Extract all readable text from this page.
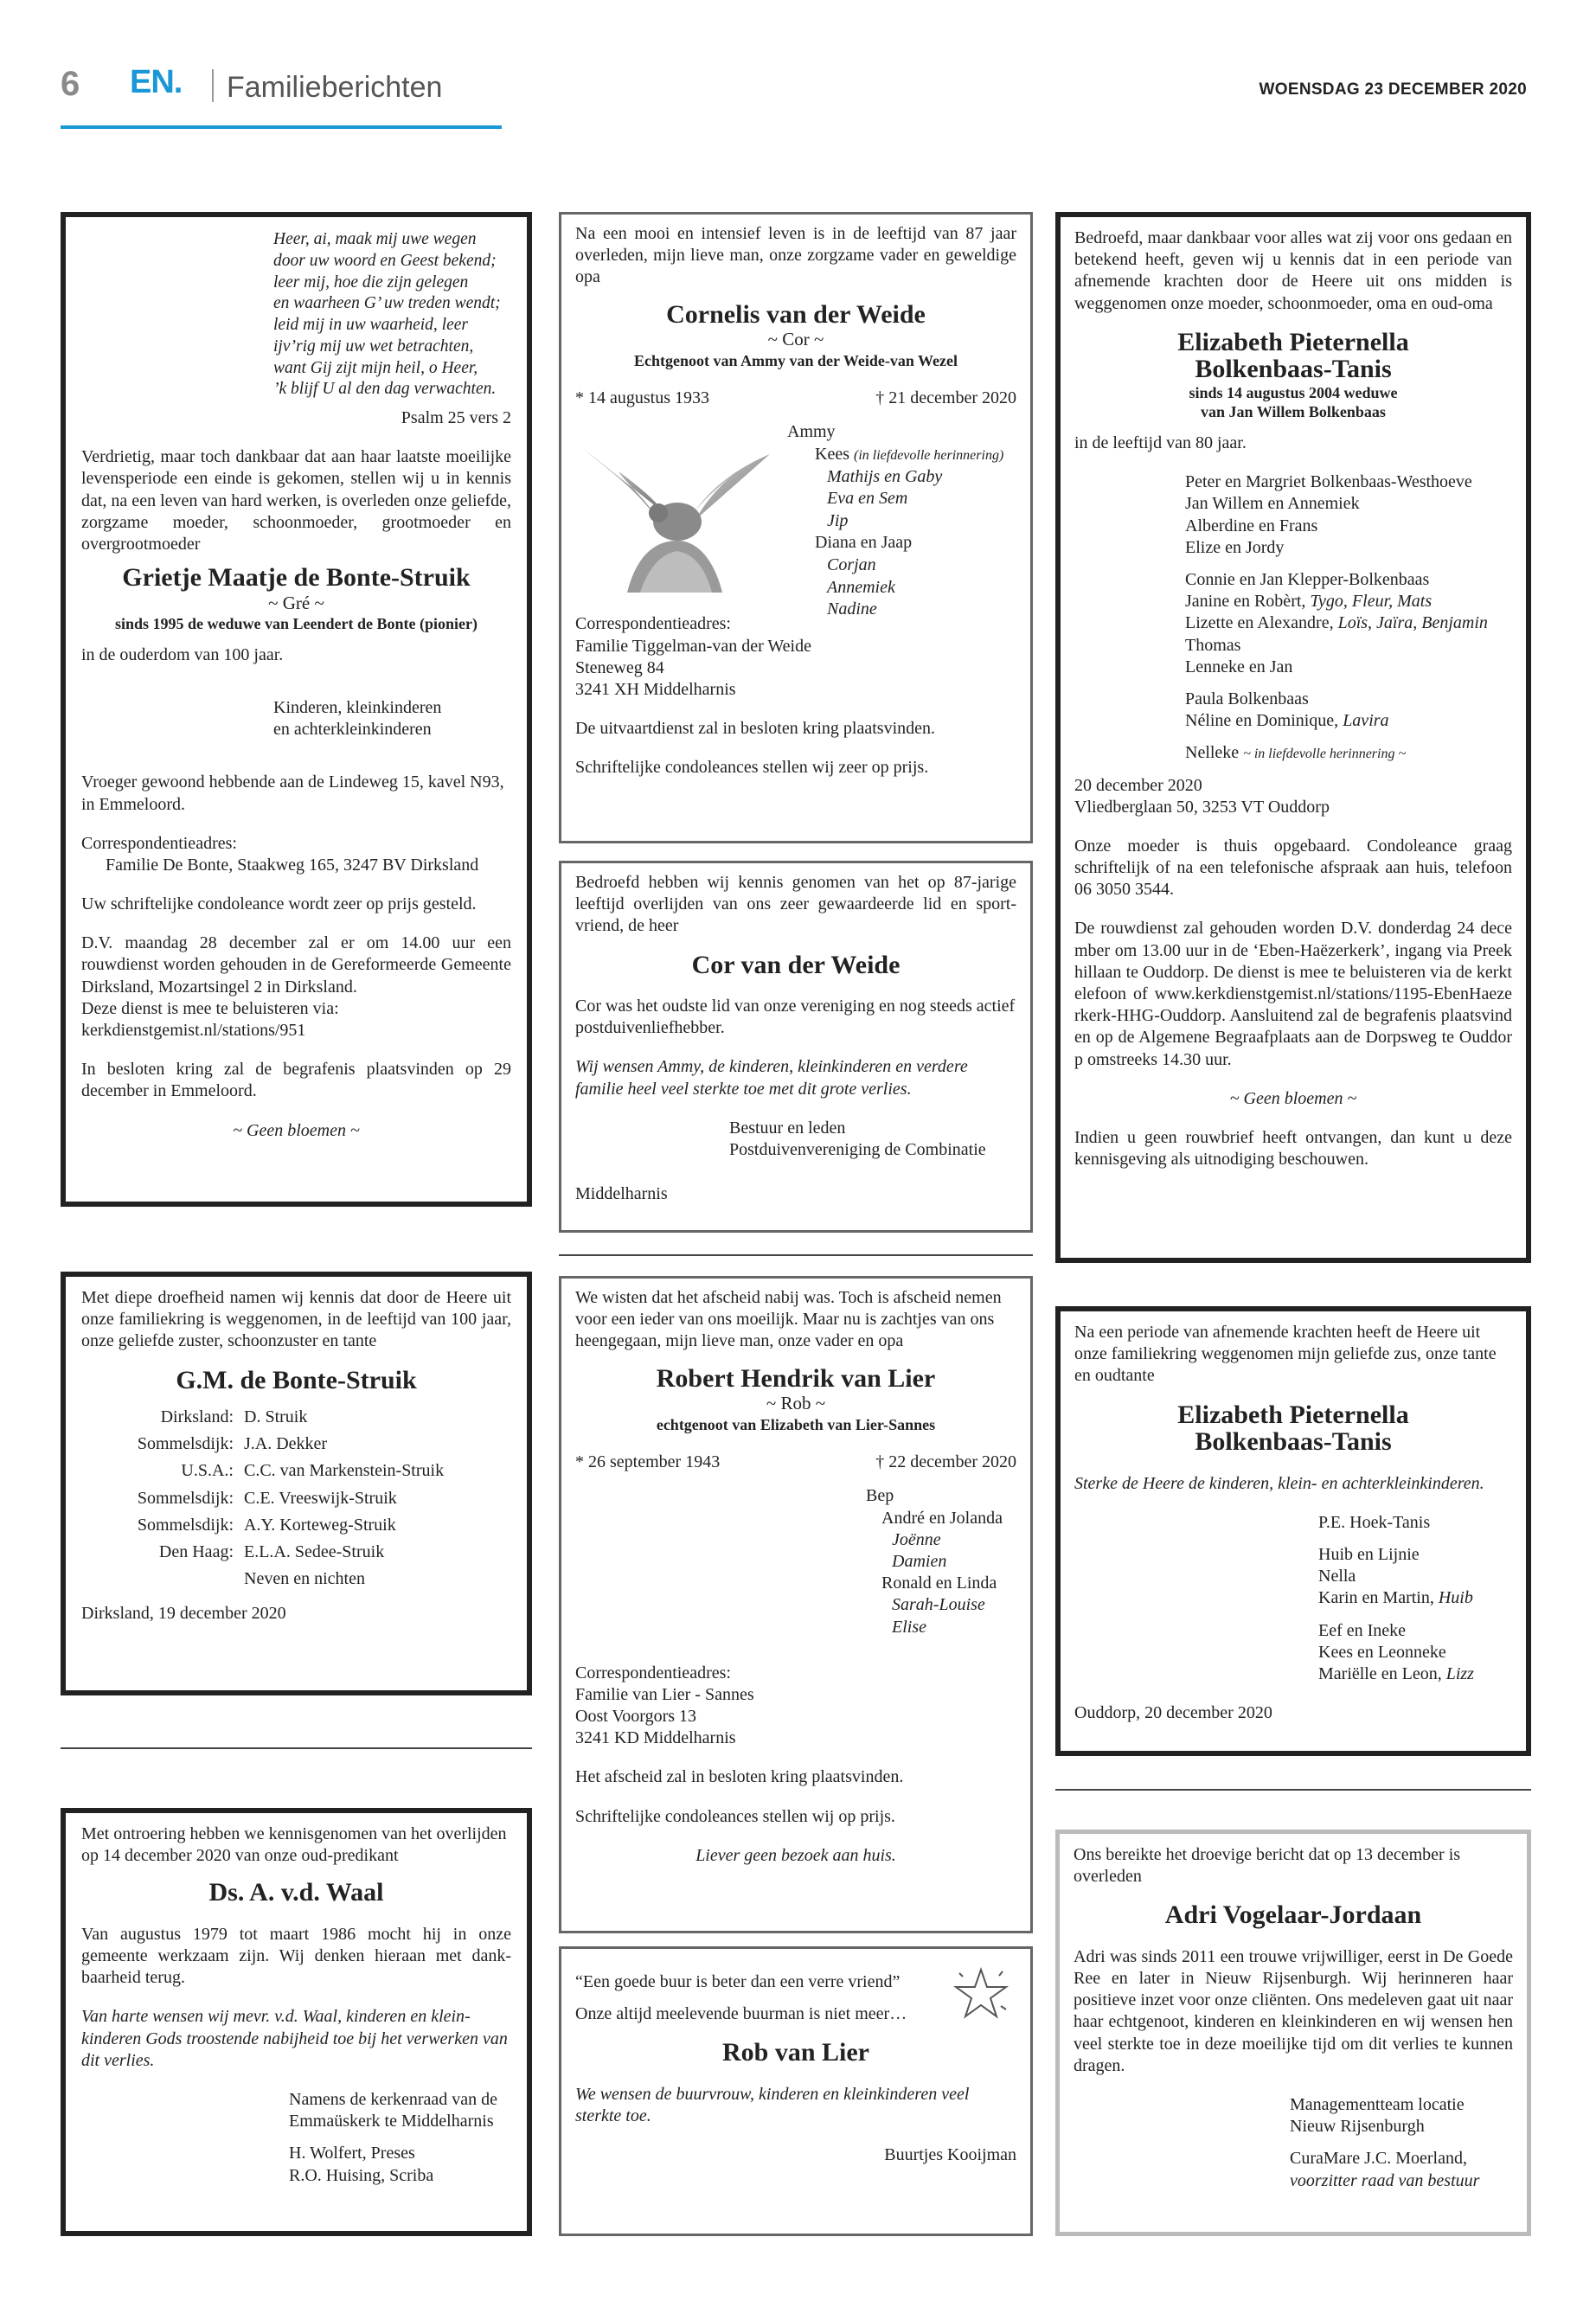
6 EN. Familieberichten	WOENSDAG 23 DECEMBER 2020

Heer, ai, maak mij uwe wegen

door uw woord en Geest bekend;

leer mij, hoe die zijn gelegen

en waarheen G’ uw treden wendt;

leid mij in uw waarheid, leer

ijv’rig mij uw wet betrachten,

want Gij zijt mijn heil, o Heer,

’k blijf U al den dag verwachten.

Psalm 25 vers 2

Verdrietig, maar toch dankbaar dat aan haar laatste moeilijke levensperiode een einde is gekomen, stellen wij u in kennis dat, na een leven van hard werken, is overleden onze geliefde, zorgzame moeder, schoonmoeder, grootmoeder en overgrootmoeder

Grietje Maatje de Bonte-Struik

~ Gré ~

sinds 1995 de weduwe van Leendert de Bonte (pionier)

in de ouderdom van 100 jaar.

Kinderen, kleinkinderen

en achterkleinkinderen

Vroeger gewoond hebbende aan de Lindeweg 15, kavel N93, in Emmeloord.

Correspondentieadres:

Familie De Bonte, Staakweg 165, 3247 BV Dirksland

Uw schriftelijke condoleance wordt zeer op prijs gesteld.

D.V. maandag 28 december zal er om 14.00 uur een rouwdienst worden gehouden in de Gereformeerde Gemeente Dirksland, Mozartsingel 2 in Dirksland.

Deze dienst is mee te beluisteren via:

kerkdienstgemist.nl/stations/951

In besloten kring zal de begrafenis plaatsvinden op 29 december in Emmeloord.

~ Geen bloemen ~

Na een mooi en intensief leven is in de leeftijd van 87 jaar overleden, mijn lieve man, onze zorgzame vader en geweldige opa

Cornelis van der Weide

~ Cor ~

Echtgenoot van Ammy van der Weide-van Wezel

* 14 augustus 1933	† 21 december 2020

Ammy

Kees (in liefdevolle herinnering)

Mathijs en Gaby

Eva en Sem

Jip

Diana en Jaap

Corjan

Annemiek

Nadine

Correspondentieadres:

Familie Tiggelman-van der Weide

Steneweg 84

3241 XH Middelharnis

De uitvaartdienst zal in besloten kring plaatsvinden.

Schriftelijke condoleances stellen wij zeer op prijs.

Bedroefd, maar dankbaar voor alles wat zij voor ons gedaan en betekend heeft, geven wij u kennis dat in een periode van afnemende krachten door de Heere uit ons midden is weggenomen onze moeder, schoonmoeder, oma en oud-oma

Elizabeth Pieternella

Bolkenbaas-Tanis

sinds 14 augustus 2004 weduwe

van Jan Willem Bolkenbaas

in de leeftijd van 80 jaar.

Peter en Margriet Bolkenbaas-Westhoeve

Jan Willem en Annemiek

Alberdine en Frans

Elize en Jordy

Connie en Jan Klepper-Bolkenbaas

Janine en Robèrt, Tygo, Fleur, Mats

Lizette en Alexandre, Loïs, Jaïra, Benjamin

Thomas

Lenneke en Jan

Paula Bolkenbaas

Néline en Dominique, Lavira

Nelleke ~ in liefdevolle herinnering ~

20 december 2020

Vliedberglaan 50, 3253 VT Ouddorp

Onze moeder is thuis opgebaard. Condoleance graag schriftelijk of na een telefonische afspraak aan huis, telefoon 06 3050 3544.

De rouwdienst zal gehouden worden D.V. donderdag 24 december om 13.00 uur in de ‘Eben-Haëzerkerk’, ingang via Preekhillaan te Ouddorp. De dienst is mee te beluisteren via de kerktelefoon of www.kerkdienstgemist.nl/stations/1195-EbenHaezerkerk-HHG-Ouddorp. Aansluitend zal de begrafenis plaatsvinden op de Algemene Begraafplaats aan de Dorpsweg te Ouddorp omstreeks 14.30 uur.

~ Geen bloemen ~

Indien u geen rouwbrief heeft ontvangen, dan kunt u deze kennisgeving als uitnodiging beschouwen.

Bedroefd hebben wij kennis genomen van het op 87-jarige leeftijd overlijden van ons zeer gewaardeerde lid en sportvriend, de heer

Cor van der Weide

Cor was het oudste lid van onze vereniging en nog steeds actief postduivenliefhebber.

Wij wensen Ammy, de kinderen, kleinkinderen en verdere familie heel veel sterkte toe met dit grote verlies.

Bestuur en leden

Postduivenvereniging de Combinatie

Middelharnis

Met diepe droefheid namen wij kennis dat door de Heere uit onze familiekring is weggenomen, in de leeftijd van 100 jaar, onze geliefde zuster, schoonzuster en tante

G.M. de Bonte-Struik

Dirksland:	D. Struik
Sommelsdijk:	J.A. Dekker
U.S.A.:	C.C. van Markenstein-Struik
Sommelsdijk:	C.E. Vreeswijk-Struik
Sommelsdijk:	A.Y. Korteweg-Struik
Den Haag:	E.L.A. Sedee-Struik
	Neven en nichten

Dirksland, 19 december 2020

We wisten dat het afscheid nabij was. Toch is afscheid nemen voor een ieder van ons moeilijk. Maar nu is zachtjes van ons heengegaan, mijn lieve man, onze vader en opa

Robert Hendrik van Lier

~ Rob ~

echtgenoot van Elizabeth van Lier-Sannes

* 26 september 1943	† 22 december 2020

Bep

André en Jolanda

Joënne

Damien

Ronald en Linda

Sarah-Louise

Elise

Correspondentieadres:

Familie van Lier - Sannes

Oost Voorgors 13

3241 KD Middelharnis

Het afscheid zal in besloten kring plaatsvinden.

Schriftelijke condoleances stellen wij op prijs.

Liever geen bezoek aan huis.

Na een periode van afnemende krachten heeft de Heere uit onze familiekring weggenomen mijn geliefde zus, onze tante en oudtante

Elizabeth Pieternella

Bolkenbaas-Tanis

Sterke de Heere de kinderen, klein- en achterkleinkinderen.

P.E. Hoek-Tanis

Huib en Lijnie

Nella

Karin en Martin, Huib

Eef en Ineke

Kees en Leonneke

Mariëlle en Leon, Lizz

Ouddorp, 20 december 2020

Met ontroering hebben we kennisgenomen van het overlijden op 14 december 2020 van onze oud-predikant

Ds. A. v.d. Waal

Van augustus 1979 tot maart 1986 mocht hij in onze gemeente werkzaam zijn. Wij denken hieraan met dankbaarheid terug.

Van harte wensen wij mevr. v.d. Waal, kinderen en kleinkinderen Gods troostende nabijheid toe bij het verwerken van dit verlies.

Namens de kerkenraad van de

Emmaüskerk te Middelharnis

H. Wolfert, Preses

R.O. Huising, Scriba

“Een goede buur is beter dan een verre vriend”

Onze altijd meelevende buurman is niet meer…

Rob van Lier

We wensen de buurvrouw, kinderen en kleinkinderen veel sterkte toe.

Buurtjes Kooijman

Ons bereikte het droevige bericht dat op 13 december is overleden

Adri Vogelaar-Jordaan

Adri was sinds 2011 een trouwe vrijwilliger, eerst in De Goede Ree en later in Nieuw Rijsenburgh. Wij herinneren haar positieve inzet voor onze cliënten. Ons medeleven gaat uit naar haar echtgenoot, kinderen en kleinkinderen en wij wensen hen veel sterkte toe in deze moeilijke tijd om dit verlies te kunnen dragen.

Managementteam locatie

Nieuw Rijsenburgh

CuraMare J.C. Moerland,

voorzitter raad van bestuur
